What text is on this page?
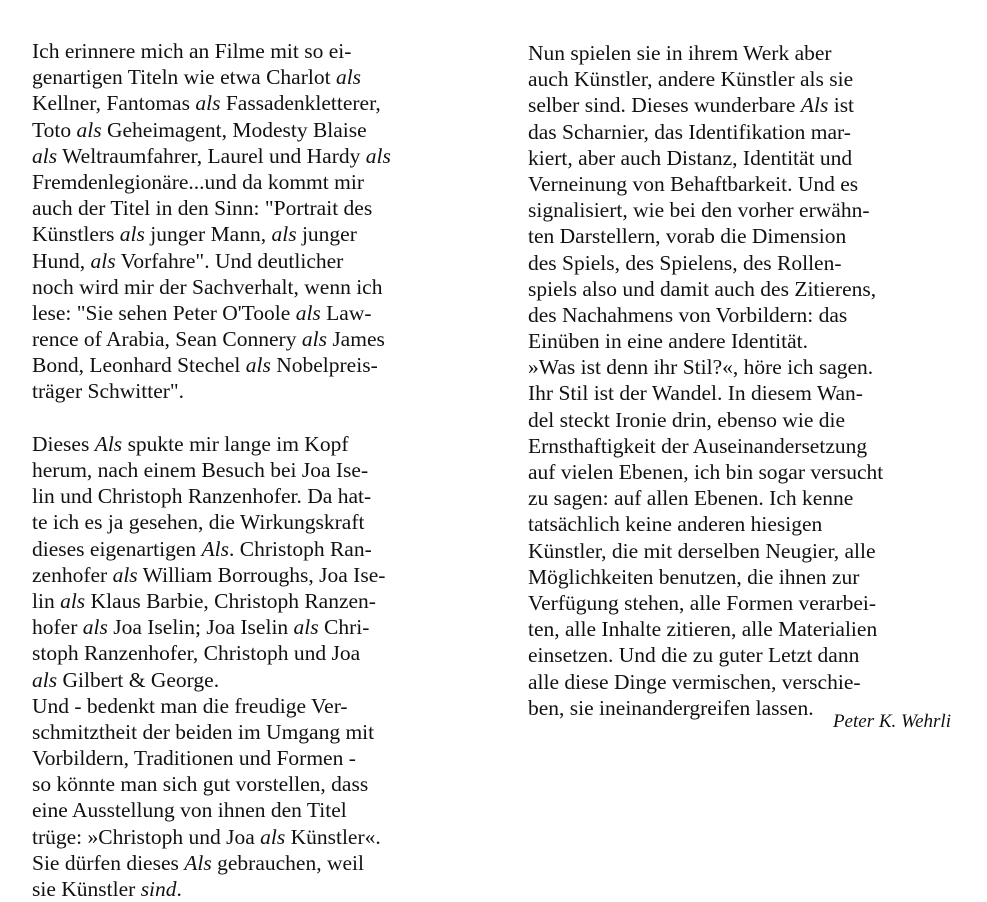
Ich erinnere mich an Filme mit so ei-
genartigen Titeln wie etwa Charlot als
Kellner, Fantomas als Fassadenkletterer,
Toto als Geheimagent, Modesty Blaise
als Weltraumfahrer, Laurel und Hardy als
Fremdenlegionäre...und da kommt mir
auch der Titel in den Sinn: "Portrait des
Künstlers als junger Mann, als junger
Hund, als Vorfahre". Und deutlicher
noch wird mir der Sachverhalt, wenn ich
lese: "Sie sehen Peter O'Toole als Law-
rence of Arabia, Sean Connery als James
Bond, Leonhard Stechel als Nobelpreis-
träger Schwitter".
Dieses Als spukte mir lange im Kopf
herum, nach einem Besuch bei Joa Ise-
lin und Christoph Ranzenhofer. Da hat-
te ich es ja gesehen, die Wirkungskraft
dieses eigenartigen Als. Christoph Ran-
zenhofer als William Borroughs, Joa Ise-
lin als Klaus Barbie, Christoph Ranzen-
hofer als Joa Iselin; Joa Iselin als Chri-
stoph Ranzenhofer, Christoph und Joa
als Gilbert & George.
Und - bedenkt man die freudige Ver-
schmitztheit der beiden im Umgang mit
Vorbildern, Traditionen und Formen -
so könnte man sich gut vorstellen, dass
eine Ausstellung von ihnen den Titel
trüge: »Christoph und Joa als Künstler«.
Sie dürfen dieses Als gebrauchen, weil
sie Künstler sind.
Nun spielen sie in ihrem Werk aber
auch Künstler, andere Künstler als sie
selber sind. Dieses wunderbare Als ist
das Scharnier, das Identifikation mar-
kiert, aber auch Distanz, Identität und
Verneinung von Behaftbarkeit. Und es
signalisiert, wie bei den vorher erwähn-
ten Darstellern, vorab die Dimension
des Spiels, des Spielens, des Rollen-
spiels also und damit auch des Zitierens,
des Nachahmens von Vorbildern: das
Einüben in eine andere Identität.
»Was ist denn ihr Stil?«, höre ich sagen.
Ihr Stil ist der Wandel. In diesem Wan-
del steckt Ironie drin, ebenso wie die
Ernsthaftigkeit der Auseinandersetzung
auf vielen Ebenen, ich bin sogar versucht
zu sagen: auf allen Ebenen. Ich kenne
tatsächlich keine anderen hiesigen
Künstler, die mit derselben Neugier, alle
Möglichkeiten benutzen, die ihnen zur
Verfügung stehen, alle Formen verarbei-
ten, alle Inhalte zitieren, alle Materialien
einsetzen. Und die zu guter Letzt dann
alle diese Dinge vermischen, verschie-
ben, sie ineinandergreifen lassen.
Peter K. Wehrli
